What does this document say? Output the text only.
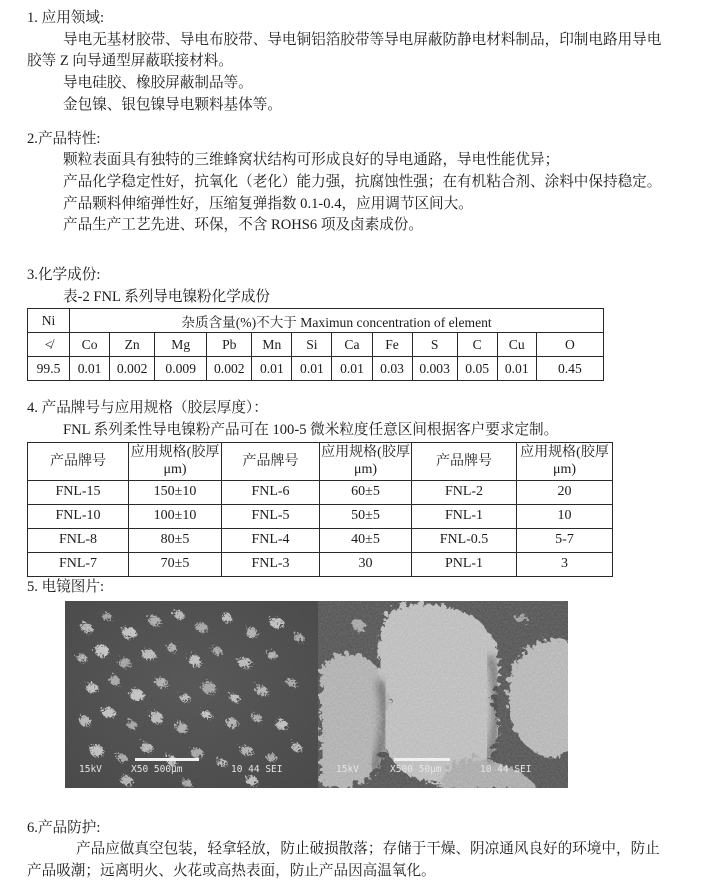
1. 应用领域:
导电无基材胶带、导电布胶带、导电铜铝箔胶带等导电屏蔽防静电材料制品，印制电路用导电
胶等 Z 向导通型屏蔽联接材料。
导电硅胶、橡胶屏蔽制品等。
金包镍、银包镍导电颗料基体等。
2.产品特性:
颗粒表面具有独特的三维蜂窝状结构可形成良好的导电通路，导电性能优异；
产品化学稳定性好，抗氧化（老化）能力强，抗腐蚀性强；在有机粘合剂、涂料中保持稳定。
产品颗料伸缩弹性好，压缩复弹指数 0.1-0.4，应用调节区间大。
产品生产工艺先进、环保，不含 ROHS6 项及卤素成份。
3.化学成份:
表-2 FNL 系列导电镍粉化学成份
Ni	杂质含量(%)不大于 Maximun concentration of element											
≮	Co	Zn	Mg	Pb	Mn	Si	Ca	Fe	S	C	Cu	O
99.5	0.01	0.002	0.009	0.002	0.01	0.01	0.01	0.03	0.003	0.05	0.01	0.45
4. 产品牌号与应用规格（胶层厚度）：
FNL 系列柔性导电镍粉产品可在 100-5 微米粒度任意区间根据客户要求定制。
产品牌号	应用规格(胶厚μm)	产品牌号	应用规格(胶厚μm)	产品牌号	应用规格(胶厚μm)
FNL-15	150±10	FNL-6	60±5	FNL-2	20
FNL-10	100±10	FNL-5	50±5	FNL-1	10
FNL-8	80±5	FNL-4	40±5	FNL-0.5	5-7
FNL-7	70±5	FNL-3	30	PNL-1	3
5. 电镜图片:
15kV	X50 500μm	10 44 SEI	15kV	X500 50μm	10 44 SEI
6.产品防护:
产品应做真空包装，轻拿轻放，防止破损散落；存储于干燥、阴凉通风良好的环境中，防止
产品吸潮；远离明火、火花或高热表面，防止产品因高温氧化。
